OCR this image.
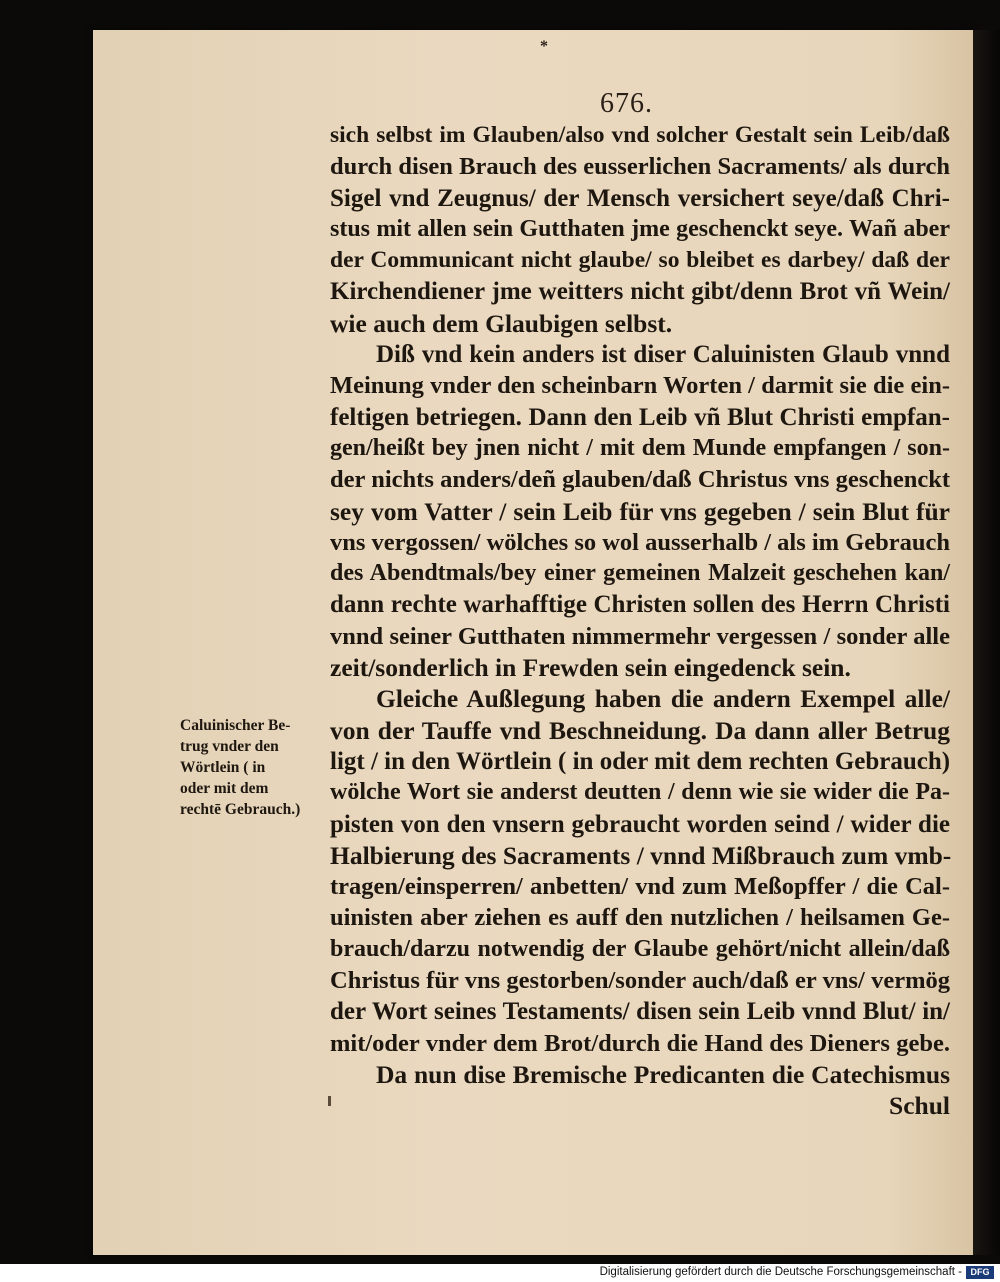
*
676.
sich selbst im Glauben/also vnd solcher Gestalt sein Leib/daß
durch disen Brauch des eusserlichen Sacraments/ als durch
Sigel vnd Zeugnus/ der Mensch versichert seye/daß Chri-
stus mit allen sein Gutthaten jme geschenckt seye. Wañ aber
der Communicant nicht glaube/ so bleibet es darbey/ daß der
Kirchendiener jme weitters nicht gibt/denn Brot vñ Wein/
wie auch dem Glaubigen selbst.
Diß vnd kein anders ist diser Caluinisten Glaub vnnd
Meinung vnder den scheinbarn Worten / darmit sie die ein-
feltigen betriegen. Dann den Leib vñ Blut Christi empfan-
gen/heißt bey jnen nicht / mit dem Munde empfangen / son-
der nichts anders/deñ glauben/daß Christus vns geschenckt
sey vom Vatter / sein Leib für vns gegeben / sein Blut für
vns vergossen/ wölches so wol ausserhalb / als im Gebrauch
des Abendtmals/bey einer gemeinen Malzeit geschehen kan/
dann rechte warhafftige Christen sollen des Herrn Christi
vnnd seiner Gutthaten nimmermehr vergessen / sonder alle
zeit/sonderlich in Frewden sein eingedenck sein.
Gleiche Außlegung haben die andern Exempel alle/
von der Tauffe vnd Beschneidung. Da dann aller Betrug
ligt / in den Wörtlein ( in oder mit dem rechten Gebrauch)
wölche Wort sie anderst deutten / denn wie sie wider die Pa-
pisten von den vnsern gebraucht worden seind / wider die
Halbierung des Sacraments / vnnd Mißbrauch zum vmb-
tragen/einsperren/ anbetten/ vnd zum Meßopffer / die Cal-
uinisten aber ziehen es auff den nutzlichen / heilsamen Ge-
brauch/darzu notwendig der Glaube gehört/nicht allein/daß
Christus für vns gestorben/sonder auch/daß er vns/ vermög
der Wort seines Testaments/ disen sein Leib vnnd Blut/ in/
mit/oder vnder dem Brot/durch die Hand des Dieners gebe.
Da nun dise Bremische Predicanten die Catechismus
Schul
Caluinischer Be-
trug vnder den
Wörtlein ( in
oder mit dem
rechtē Gebrauch.)
Digitalisierung gefördert durch die Deutsche Forschungsgemeinschaft - DFG
